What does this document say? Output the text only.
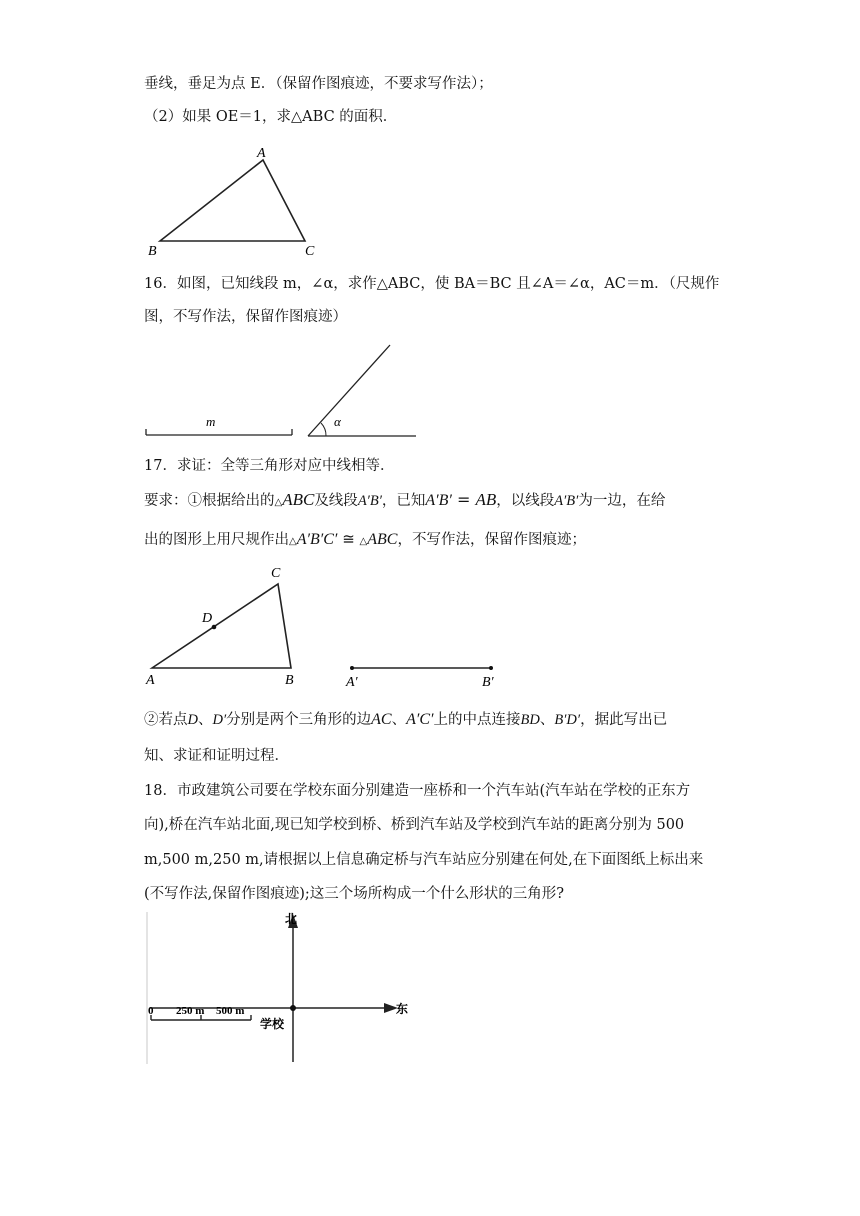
垂线，垂足为点 E．（保留作图痕迹，不要求写作法）；
（2）如果 OE＝1，求△ABC 的面积．
A
B	C
16．如图，已知线段 m，∠α，求作△ABC，使 BA＝BC 且∠A＝∠α，AC＝m．（尺规作
图，不写作法，保留作图痕迹）
m	α
17．求证：全等三角形对应中线相等．
要求：①根据给出的△ABC及线段A′B′，已知A′B′ = AB，以线段A′B′为一边，在给
出的图形上用尺规作出△A′B′C′ ≅ △ABC，不写作法，保留作图痕迹；
C
D
A	B	A′	B′
②若点D、D′分别是两个三角形的边AC、A′C′上的中点连接BD、B′D′，据此写出已
知、求证和证明过程．
18．市政建筑公司要在学校东面分别建造一座桥和一个汽车站(汽车站在学校的正东方
向),桥在汽车站北面,现已知学校到桥、桥到汽车站及学校到汽车站的距离分别为 500
m,500 m,250 m,请根据以上信息确定桥与汽车站应分别建在何处,在下面图纸上标出来
(不写作法,保留作图痕迹);这三个场所构成一个什么形状的三角形?
北
东
学校
0 250 m 500 m
